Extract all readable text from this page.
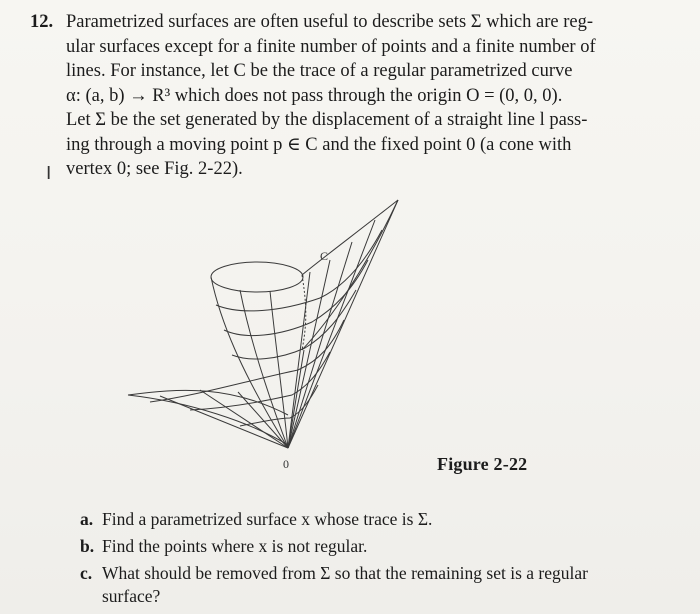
12. Parametrized surfaces are often useful to describe sets Σ which are reg-
ular surfaces except for a finite number of points and a finite number of
lines. For instance, let C be the trace of a regular parametrized curve
α: (a, b) → R³ which does not pass through the origin O = (0, 0, 0).
Let Σ be the set generated by the displacement of a straight line l pass-
ing through a moving point p ∈ C and the fixed point 0 (a cone with
vertex 0; see Fig. 2-22).
I
C
0	Figure 2-22
a. Find a parametrized surface x whose trace is Σ.
b. Find the points where x is not regular.
c. What should be removed from Σ so that the remaining set is a regular
surface?
